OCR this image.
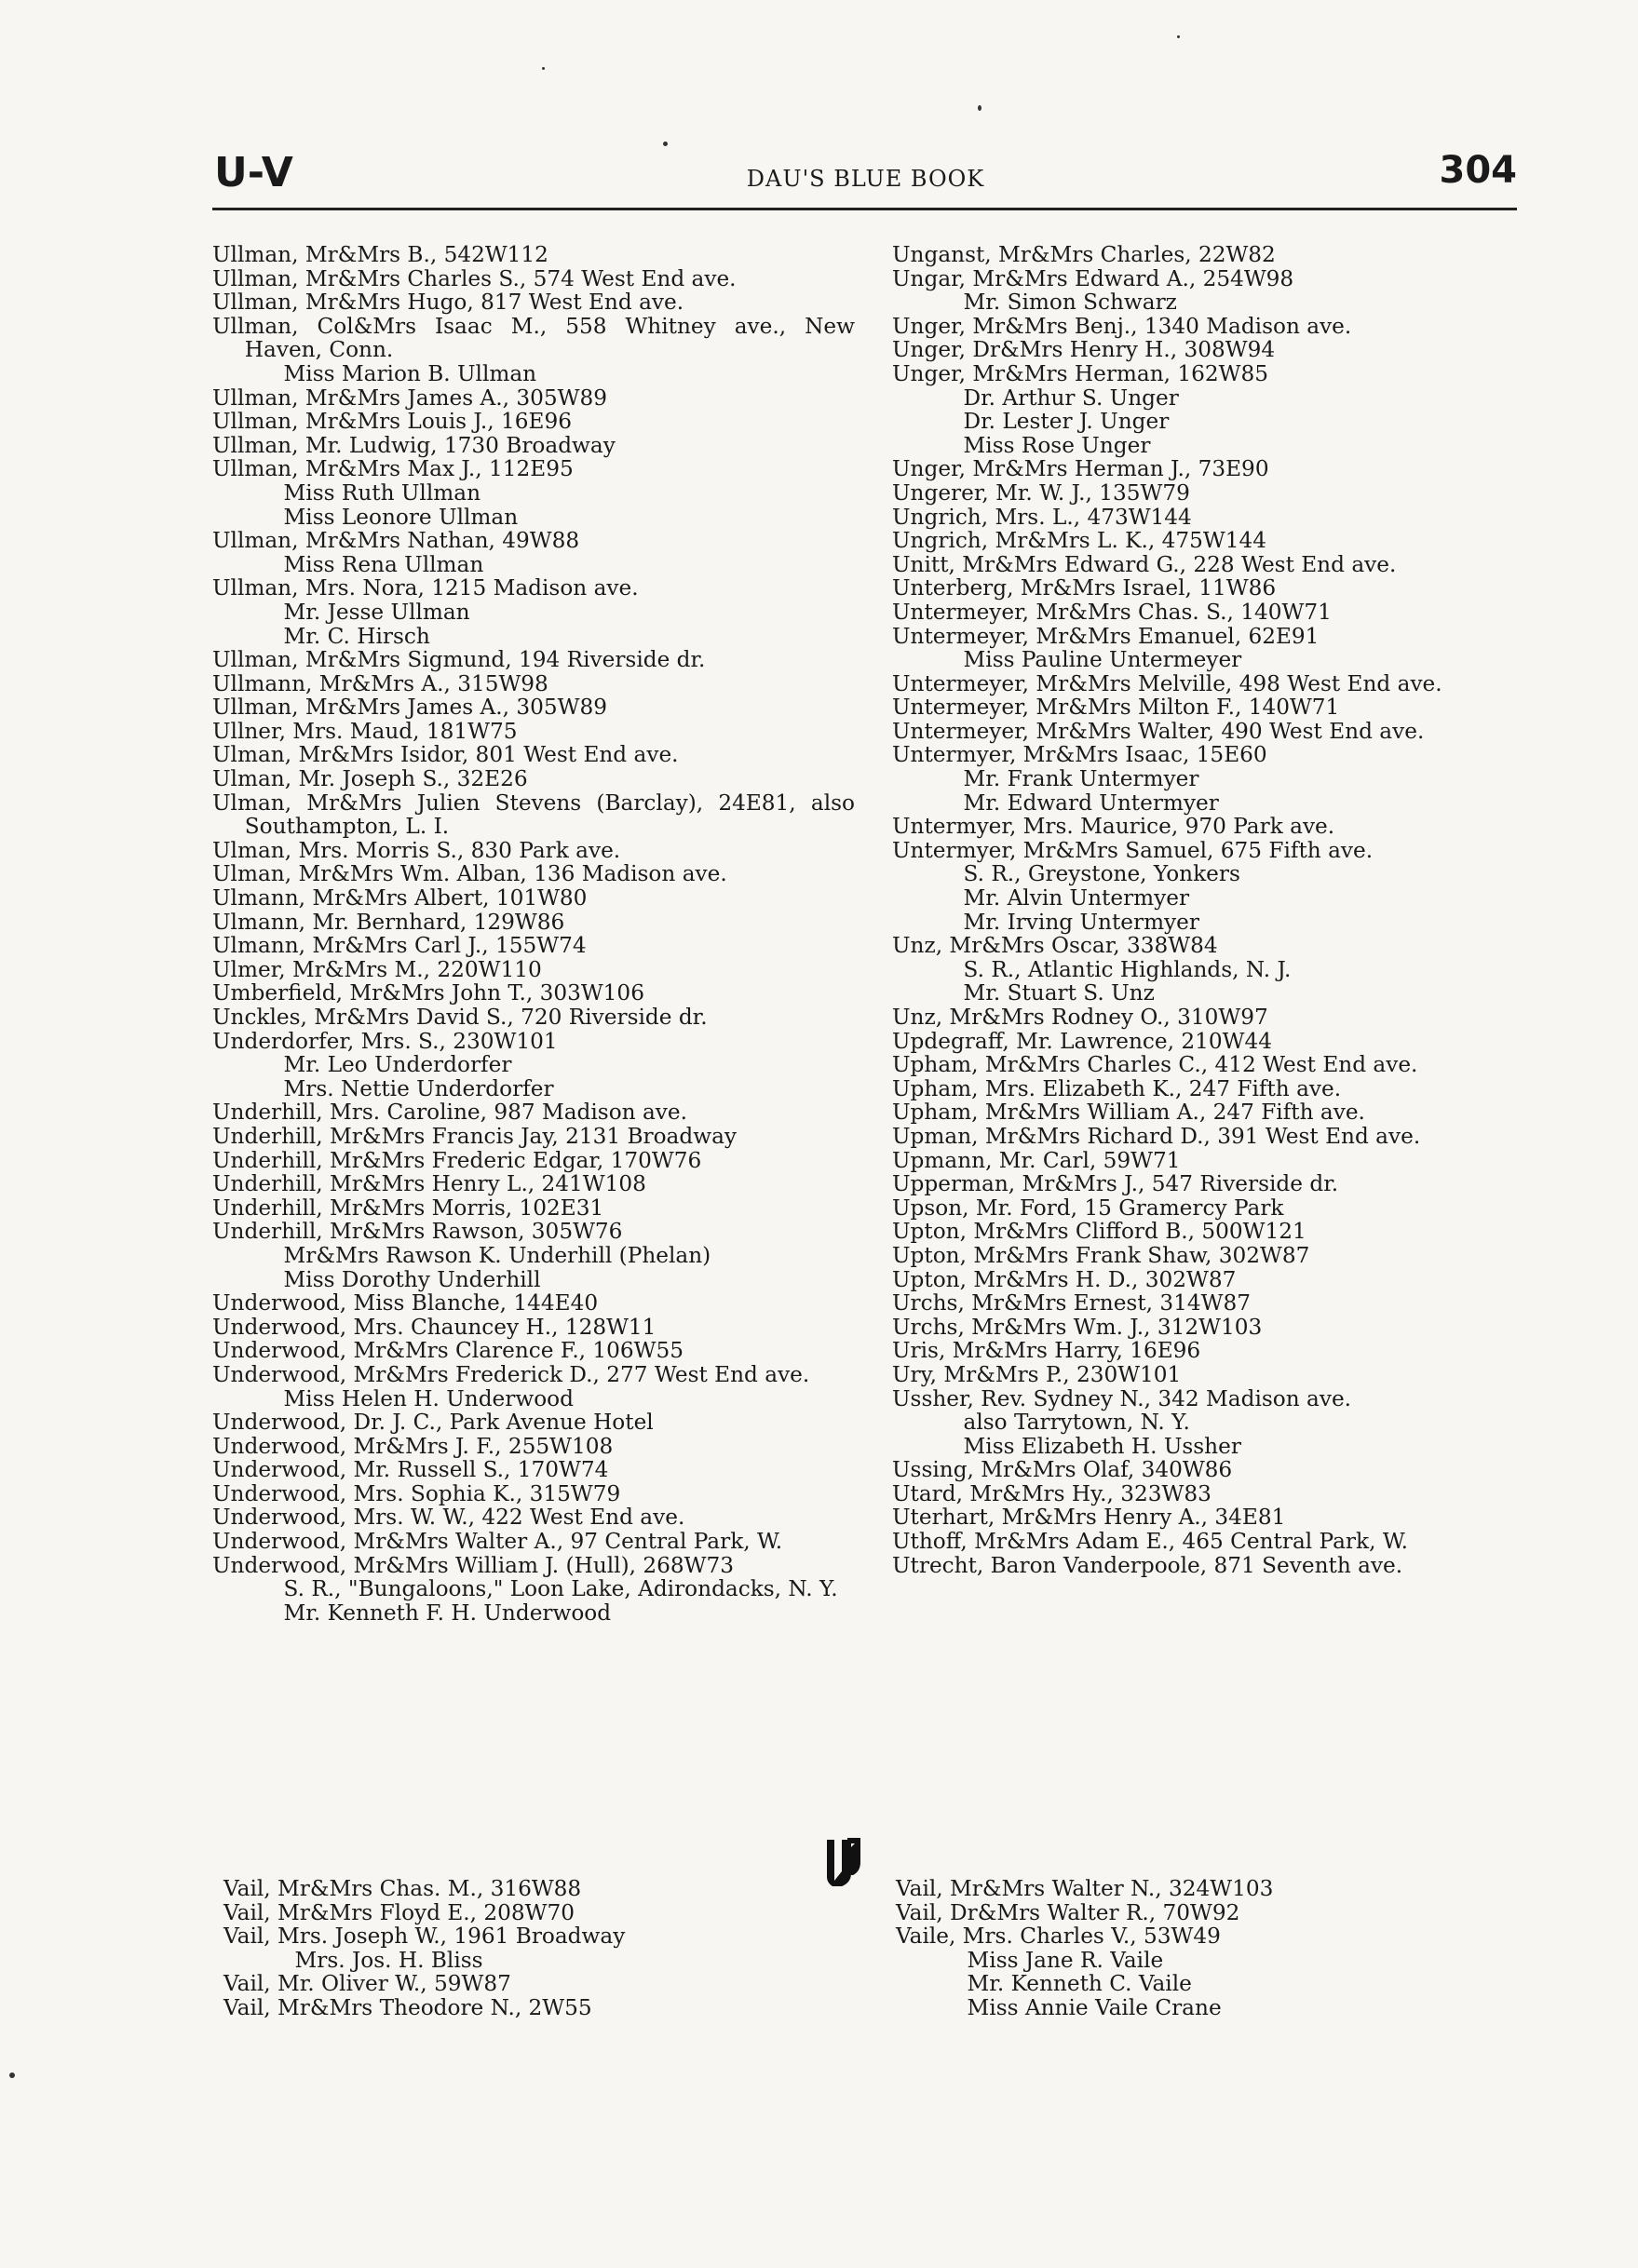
U-V	DAU'S BLUE BOOK	304

Ullman, Mr&Mrs B., 542W112

Ullman, Mr&Mrs Charles S., 574 West End ave.

Ullman, Mr&Mrs Hugo, 817 West End ave.

Ullman, Col&Mrs Isaac M., 558 Whitney ave., New Haven, Conn.

Miss Marion B. Ullman

Ullman, Mr&Mrs James A., 305W89

Ullman, Mr&Mrs Louis J., 16E96

Ullman, Mr. Ludwig, 1730 Broadway

Ullman, Mr&Mrs Max J., 112E95

Miss Ruth Ullman

Miss Leonore Ullman

Ullman, Mr&Mrs Nathan, 49W88

Miss Rena Ullman

Ullman, Mrs. Nora, 1215 Madison ave.

Mr. Jesse Ullman

Mr. C. Hirsch

Ullman, Mr&Mrs Sigmund, 194 Riverside dr.

Ullmann, Mr&Mrs A., 315W98

Ullman, Mr&Mrs James A., 305W89

Ullner, Mrs. Maud, 181W75

Ulman, Mr&Mrs Isidor, 801 West End ave.

Ulman, Mr. Joseph S., 32E26

Ulman, Mr&Mrs Julien Stevens (Barclay), 24E81, also Southampton, L. I.

Ulman, Mrs. Morris S., 830 Park ave.

Ulman, Mr&Mrs Wm. Alban, 136 Madison ave.

Ulmann, Mr&Mrs Albert, 101W80

Ulmann, Mr. Bernhard, 129W86

Ulmann, Mr&Mrs Carl J., 155W74

Ulmer, Mr&Mrs M., 220W110

Umberfield, Mr&Mrs John T., 303W106

Unckles, Mr&Mrs David S., 720 Riverside dr.

Underdorfer, Mrs. S., 230W101

Mr. Leo Underdorfer

Mrs. Nettie Underdorfer

Underhill, Mrs. Caroline, 987 Madison ave.

Underhill, Mr&Mrs Francis Jay, 2131 Broadway

Underhill, Mr&Mrs Frederic Edgar, 170W76

Underhill, Mr&Mrs Henry L., 241W108

Underhill, Mr&Mrs Morris, 102E31

Underhill, Mr&Mrs Rawson, 305W76

Mr&Mrs Rawson K. Underhill (Phelan)

Miss Dorothy Underhill

Underwood, Miss Blanche, 144E40

Underwood, Mrs. Chauncey H., 128W11

Underwood, Mr&Mrs Clarence F., 106W55

Underwood, Mr&Mrs Frederick D., 277 West End ave.

Miss Helen H. Underwood

Underwood, Dr. J. C., Park Avenue Hotel

Underwood, Mr&Mrs J. F., 255W108

Underwood, Mr. Russell S., 170W74

Underwood, Mrs. Sophia K., 315W79

Underwood, Mrs. W. W., 422 West End ave.

Underwood, Mr&Mrs Walter A., 97 Central Park, W.

Underwood, Mr&Mrs William J. (Hull), 268W73

S. R., "Bungaloons," Loon Lake, Adirondacks, N. Y.

Mr. Kenneth F. H. Underwood

Unganst, Mr&Mrs Charles, 22W82

Ungar, Mr&Mrs Edward A., 254W98

Mr. Simon Schwarz

Unger, Mr&Mrs Benj., 1340 Madison ave.

Unger, Dr&Mrs Henry H., 308W94

Unger, Mr&Mrs Herman, 162W85

Dr. Arthur S. Unger

Dr. Lester J. Unger

Miss Rose Unger

Unger, Mr&Mrs Herman J., 73E90

Ungerer, Mr. W. J., 135W79

Ungrich, Mrs. L., 473W144

Ungrich, Mr&Mrs L. K., 475W144

Unitt, Mr&Mrs Edward G., 228 West End ave.

Unterberg, Mr&Mrs Israel, 11W86

Untermeyer, Mr&Mrs Chas. S., 140W71

Untermeyer, Mr&Mrs Emanuel, 62E91

Miss Pauline Untermeyer

Untermeyer, Mr&Mrs Melville, 498 West End ave.

Untermeyer, Mr&Mrs Milton F., 140W71

Untermeyer, Mr&Mrs Walter, 490 West End ave.

Untermyer, Mr&Mrs Isaac, 15E60

Mr. Frank Untermyer

Mr. Edward Untermyer

Untermyer, Mrs. Maurice, 970 Park ave.

Untermyer, Mr&Mrs Samuel, 675 Fifth ave.

S. R., Greystone, Yonkers

Mr. Alvin Untermyer

Mr. Irving Untermyer

Unz, Mr&Mrs Oscar, 338W84

S. R., Atlantic Highlands, N. J.

Mr. Stuart S. Unz

Unz, Mr&Mrs Rodney O., 310W97

Updegraff, Mr. Lawrence, 210W44

Upham, Mr&Mrs Charles C., 412 West End ave.

Upham, Mrs. Elizabeth K., 247 Fifth ave.

Upham, Mr&Mrs William A., 247 Fifth ave.

Upman, Mr&Mrs Richard D., 391 West End ave.

Upmann, Mr. Carl, 59W71

Upperman, Mr&Mrs J., 547 Riverside dr.

Upson, Mr. Ford, 15 Gramercy Park

Upton, Mr&Mrs Clifford B., 500W121

Upton, Mr&Mrs Frank Shaw, 302W87

Upton, Mr&Mrs H. D., 302W87

Urchs, Mr&Mrs Ernest, 314W87

Urchs, Mr&Mrs Wm. J., 312W103

Uris, Mr&Mrs Harry, 16E96

Ury, Mr&Mrs P., 230W101

Ussher, Rev. Sydney N., 342 Madison ave.

also Tarrytown, N. Y.

Miss Elizabeth H. Ussher

Ussing, Mr&Mrs Olaf, 340W86

Utard, Mr&Mrs Hy., 323W83

Uterhart, Mr&Mrs Henry A., 34E81

Uthoff, Mr&Mrs Adam E., 465 Central Park, W.

Utrecht, Baron Vanderpoole, 871 Seventh ave.

V

Vail, Mr&Mrs Chas. M., 316W88

Vail, Mr&Mrs Floyd E., 208W70

Vail, Mrs. Joseph W., 1961 Broadway

Mrs. Jos. H. Bliss

Vail, Mr. Oliver W., 59W87

Vail, Mr&Mrs Theodore N., 2W55

Vail, Mr&Mrs Walter N., 324W103

Vail, Dr&Mrs Walter R., 70W92

Vaile, Mrs. Charles V., 53W49

Miss Jane R. Vaile

Mr. Kenneth C. Vaile

Miss Annie Vaile Crane
